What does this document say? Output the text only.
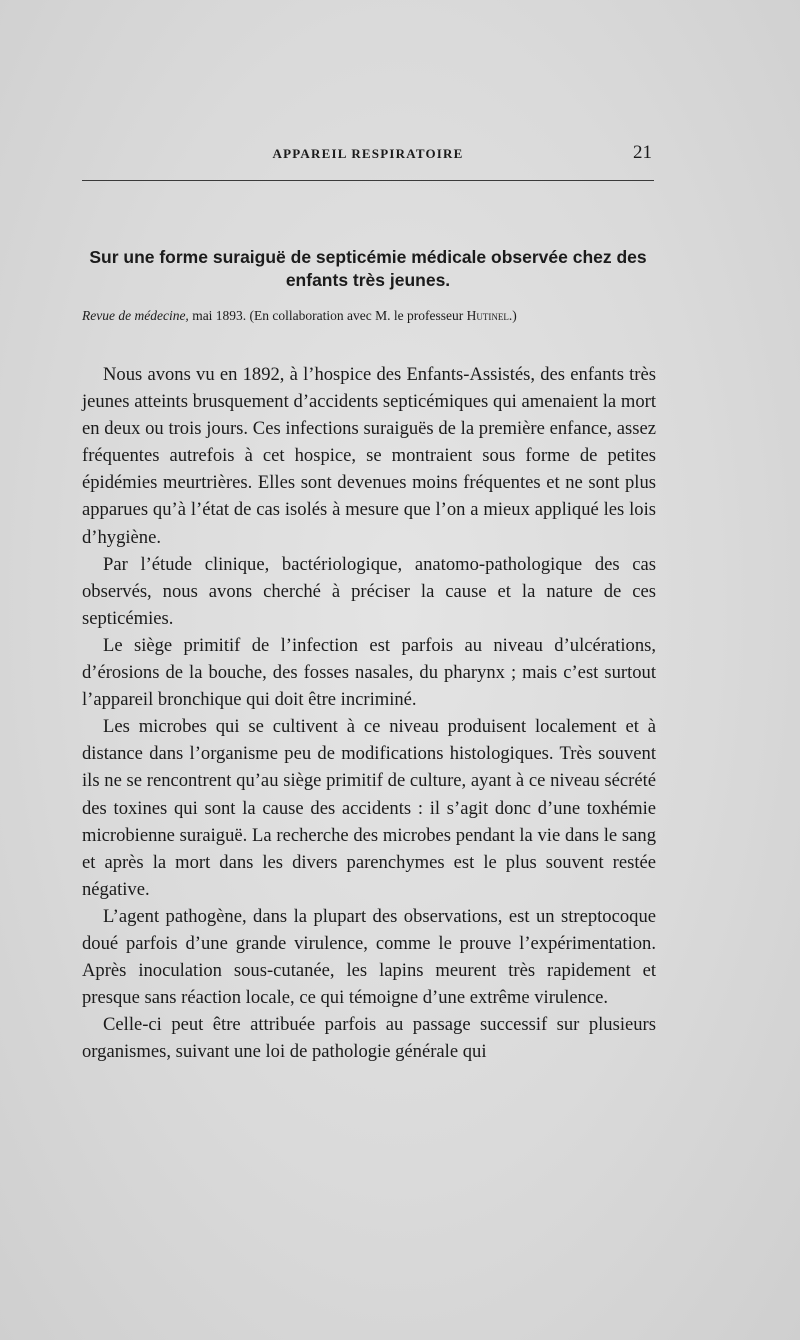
APPAREIL RESPIRATOIRE	21
Sur une forme suraiguë de septicémie médicale observée chez des enfants très jeunes.
Revue de médecine, mai 1893. (En collaboration avec M. le professeur Hutinel.)

Nous avons vu en 1892, à l’hospice des Enfants-Assistés, des enfants très jeunes atteints brusquement d’accidents septicémiques qui amenaient la mort en deux ou trois jours. Ces infections suraiguës de la première enfance, assez fréquentes autrefois à cet hospice, se montraient sous forme de petites épidémies meurtrières. Elles sont devenues moins fréquentes et ne sont plus apparues qu’à l’état de cas isolés à mesure que l’on a mieux appliqué les lois d’hygiène.

Par l’étude clinique, bactériologique, anatomo-pathologique des cas observés, nous avons cherché à préciser la cause et la nature de ces septicémies.

Le siège primitif de l’infection est parfois au niveau d’ulcérations, d’érosions de la bouche, des fosses nasales, du pharynx ; mais c’est surtout l’appareil bronchique qui doit être incriminé.

Les microbes qui se cultivent à ce niveau produisent localement et à distance dans l’organisme peu de modifications histologiques. Très souvent ils ne se rencontrent qu’au siège primitif de culture, ayant à ce niveau sécrété des toxines qui sont la cause des accidents : il s’agit donc d’une toxhémie microbienne suraiguë. La recherche des microbes pendant la vie dans le sang et après la mort dans les divers parenchymes est le plus souvent restée négative.

L’agent pathogène, dans la plupart des observations, est un streptocoque doué parfois d’une grande virulence, comme le prouve l’expérimentation. Après inoculation sous-cutanée, les lapins meurent très rapidement et presque sans réaction locale, ce qui témoigne d’une extrême virulence.

Celle-ci peut être attribuée parfois au passage successif sur plusieurs organismes, suivant une loi de pathologie générale qui
